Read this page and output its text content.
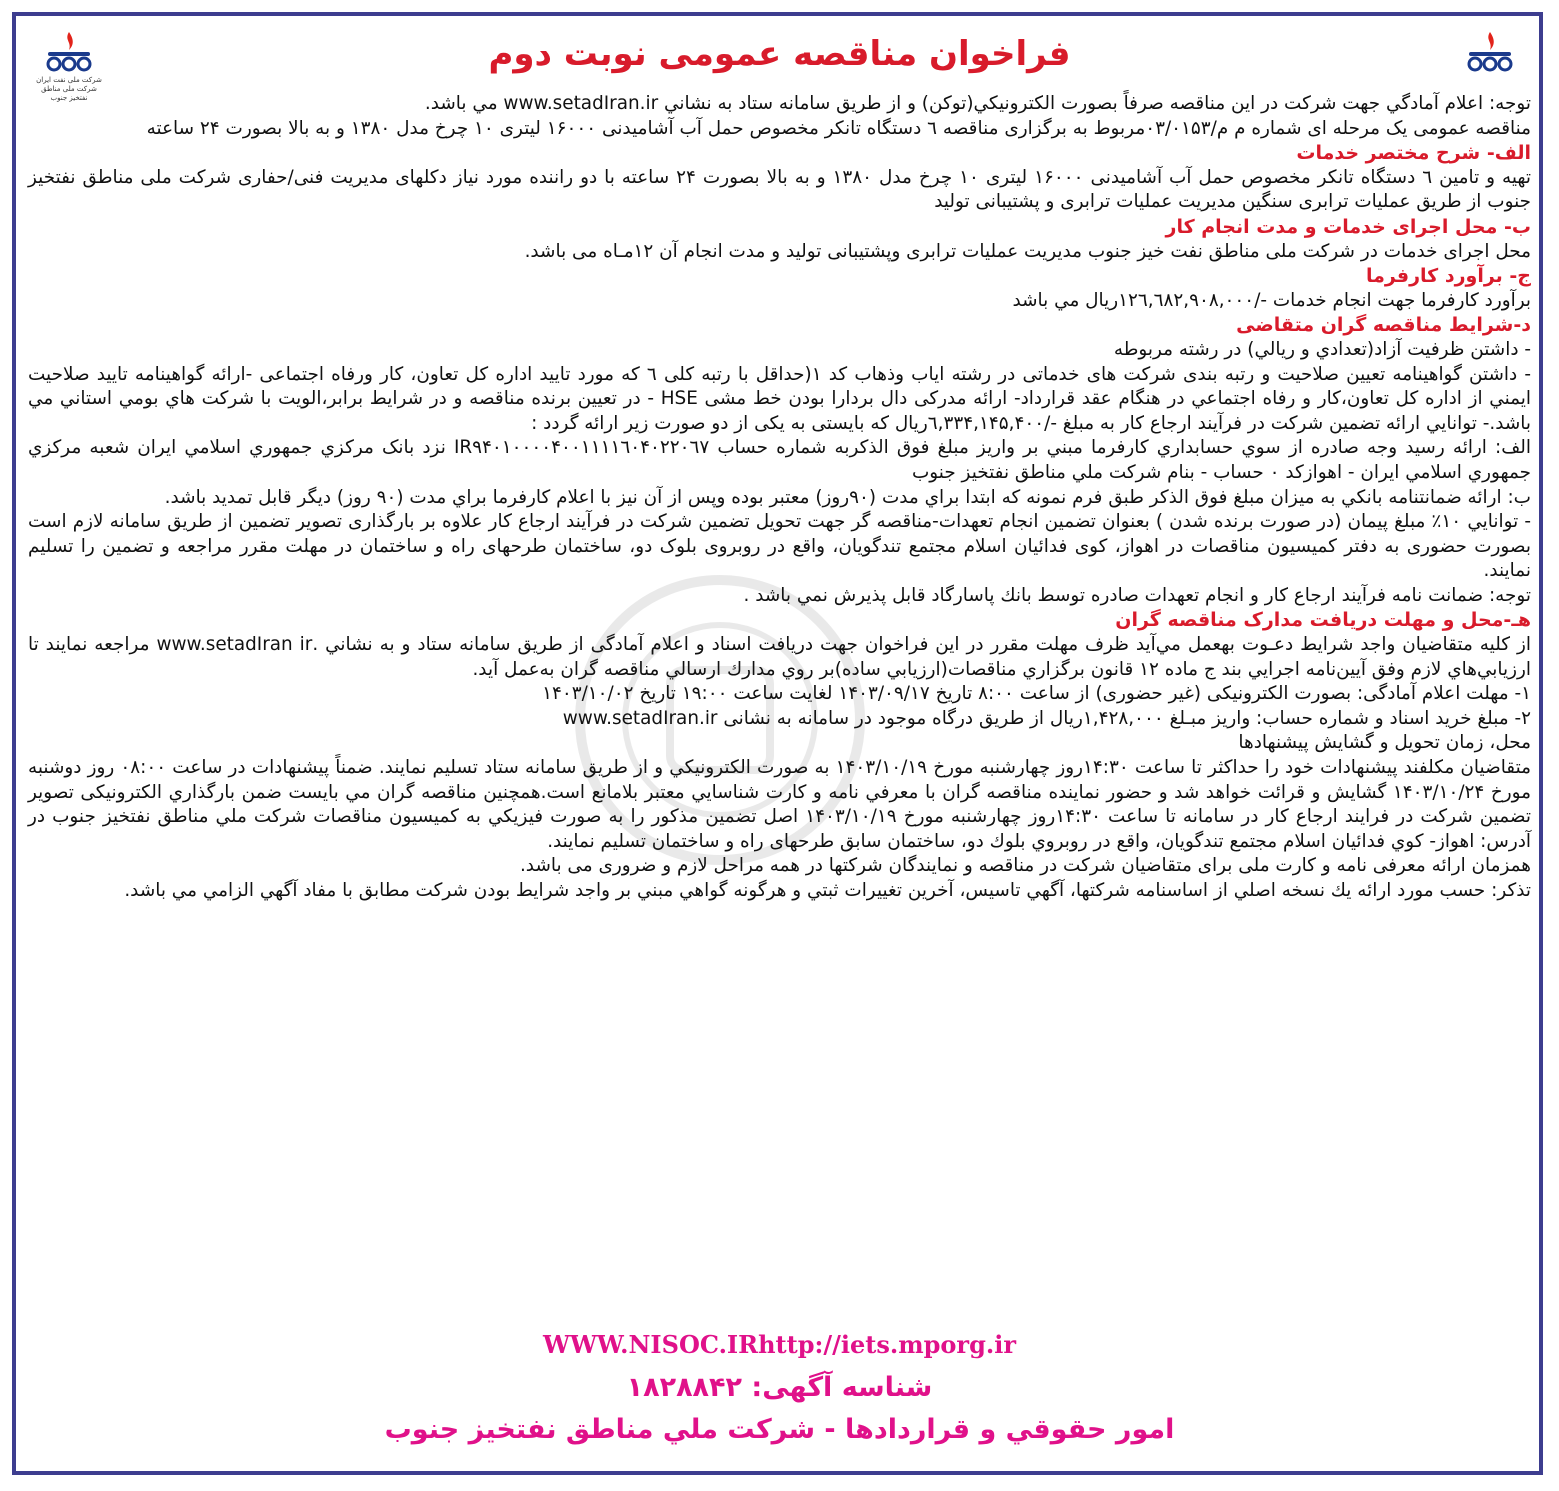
شرکت ملی نفت ایران شرکت ملی مناطق نفتخیز جنوب
فراخوان مناقصه عمومی نوبت دوم

توجه: اعلام آمادگي جهت شركت در اين مناقصه صرفاً بصورت الكترونيكي(توكن) و از طريق سامانه ستاد به نشاني www.setadIran.ir مي باشد.

مناقصه عمومی یک مرحله ای شماره م م/۰۳/۰۱۵۳مربوط به برگزاری مناقصه ٦ دستگاه تانکر مخصوص حمل آب آشامیدنی ۱۶۰۰۰ لیتری ۱۰ چرخ مدل ۱۳۸۰ و به بالا بصورت ۲۴ ساعته

الف- شرح مختصر خدمات

تهیه و تامین ٦ دستگاه تانکر مخصوص حمل آب آشامیدنی ۱۶۰۰۰ لیتری ۱۰ چرخ مدل ۱۳۸۰ و به بالا بصورت ۲۴ ساعته با دو راننده مورد نیاز دکلهای مدیریت فنی/حفاری شرکت ملی مناطق نفتخیز جنوب از طریق عملیات ترابری سنگین مدیریت عملیات ترابری و پشتیبانی تولید

ب- محل اجرای خدمات و مدت انجام کار

محل اجرای خدمات در شرکت ملی مناطق نفت خیز جنوب مدیریت عملیات ترابری وپشتیبانی تولید و مدت انجام آن ۱۲مـاه می باشد.

ج- برآورد کارفرما

برآورد کارفرما جهت انجام خدمات -/۱۲٦,٦۸۲,۹۰۸,۰۰۰ريال مي باشد

د-شرایط مناقصه گران متقاضی

- داشتن ظرفيت آزاد(تعدادي و ريالي) در رشته مربوطه

- داشتن گواهینامه تعیین صلاحیت و رتبه بندی شرکت های خدماتی در رشته ایاب وذهاب کد ۱(حداقل با رتبه کلی ٦ که مورد تایید اداره کل تعاون، کار ورفاه اجتماعی -ارائه گواهينامه تاييد صلاحيت ايمني از اداره كل تعاون،كار و رفاه اجتماعي در هنگام عقد قرارداد- ارائه مدرکی دال بردارا بودن خط مشی HSE - در تعيين برنده مناقصه و در شرايط برابر،الويت با شركت هاي بومي استاني مي باشد.- توانایي ارائه تضمين شرکت در فرآیند ارجاع کار به مبلغ -/٦,۳۳۴,۱۴۵,۴۰۰ریال که بایستی به یکی از دو صورت زیر ارائه گردد :

الف: ارائه رسيد وجه صادره از سوي حسابداري كارفرما مبني بر واريز مبلغ فوق الذكربه شماره حساب IR۹۴۰۱۰۰۰۰۴۰۰۱۱۱۱٦۰۴۰۲۲۰٦۷ نزد بانک مرکزي جمهوري اسلامي ايران شعبه مرکزي جمهوري اسلامي ايران - اهوازکد ۰ حساب - بنام شرکت ملي مناطق نفتخيز جنوب

ب: ارائه ضمانتنامه بانكي به ميزان مبلغ فوق الذكر طبق فرم نمونه كه ابتدا براي مدت (۹۰روز) معتبر بوده وپس از آن نيز با اعلام كارفرما براي مدت (۹۰ روز) ديگر قابل تمديد باشد.

- توانایي ۱۰٪ مبلغ پیمان (در صورت برنده شدن ) بعنوان تضمين انجام تعهدات-مناقصه گر جهت تحویل تضمین شرکت در فرآیند ارجاع کار علاوه بر بارگذاری تصویر تضمین از طریق سامانه لازم است بصورت حضوری به دفتر کمیسیون مناقصات در اهواز، کوی فدائیان اسلام مجتمع تندگویان، واقع در روبروی بلوک دو، ساختمان طرحهای راه و ساختمان در مهلت مقرر مراجعه و تضمین را تسلیم نمایند.

توجه: ضمانت نامه فرآيند ارجاع كار و انجام تعهدات صادره توسط بانك پاسارگاد قابل پذيرش نمي باشد .

هـ-محل و مهلت دریافت مدارک مناقصه گران

از كليه متقاضيان واجد شرايط دعـوت بهعمل مي‌آيد ظرف مهلت مقرر در اين فراخوان جهت دريافت اسناد و اعلام آمادگی از طريق سامانه ستاد و به نشاني .www.setadIran ir مراجعه نمايند تا ارزيابي‌هاي لازم وفق آيين‌نامه اجرايي بند ج ماده ۱۲ قانون برگزاري مناقصات(ارزيابي ساده)بر روي مدارك ارسالي مناقصه گران به‌عمل آيد.

۱- مهلت اعلام آمادگی: بصورت الکترونیکی (غیر حضوری) از ساعت ۸:۰۰ تاریخ ۱۴۰۳/۰۹/۱۷ لغایت ساعت ۱۹:۰۰ تاریخ ۱۴۰۳/۱۰/۰۲

۲- مبلغ خرید اسناد و شماره حساب: واریز مبـلغ ۱,۴۲۸,۰۰۰ریال از طريق درگاه موجود در سامانه به نشانی www.setadIran.ir

محل، زمان تحویل و گشایش پیشنهادها

متقاضيان مكلفند پيشنهادات خود را حداكثر تا ساعت ۱۴:۳۰روز چهارشنبه مورخ ۱۴۰۳/۱۰/۱۹ به صورت الكترونيكي و از طريق سامانه ستاد تسليم نمايند. ضمناً پيشنهادات در ساعت ۰۸:۰۰ روز دوشنبه مورخ ۱۴۰۳/۱۰/۲۴ گشايش و قرائت خواهد شد و حضور نماينده مناقصه گران با معرفي نامه و كارت شناسايي معتبر بلامانع است.همچنين مناقصه گران مي بايست ضمن بارگذاري الکترونیکی تصویر تضمين شركت در فرايند ارجاع كار در سامانه تا ساعت ۱۴:۳۰روز چهارشنبه مورخ ۱۴۰۳/۱۰/۱۹ اصل تضمين مذكور را به صورت فيزيكي به كميسيون مناقصات شركت ملي مناطق نفتخيز جنوب در آدرس: اهواز- كوي فدائيان اسلام مجتمع تندگويان، واقع در روبروي بلوك دو، ساختمان سابق طرحهای راه و ساختمان تسليم نمايند.

همزمان ارائه معرفی نامه و کارت ملی برای متقاضیان شرکت در مناقصه و نمایندگان شرکتها در همه مراحل لازم و ضروری می باشد.

تذکر: حسب مورد ارائه يك نسخه اصلي از اساسنامه شركتها، آگهي تاسيس، آخرين تغييرات ثبتي و هرگونه گواهي مبني بر واجد شرايط بودن شركت مطابق با مفاد آگهي الزامي مي باشد.

WWW.NISOC.IRhttp://iets.mporg.ir
شناسه آگهی: ۱۸۲۸۸۴۲
امور حقوقي و قراردادها - شركت ملي مناطق نفتخيز جنوب
